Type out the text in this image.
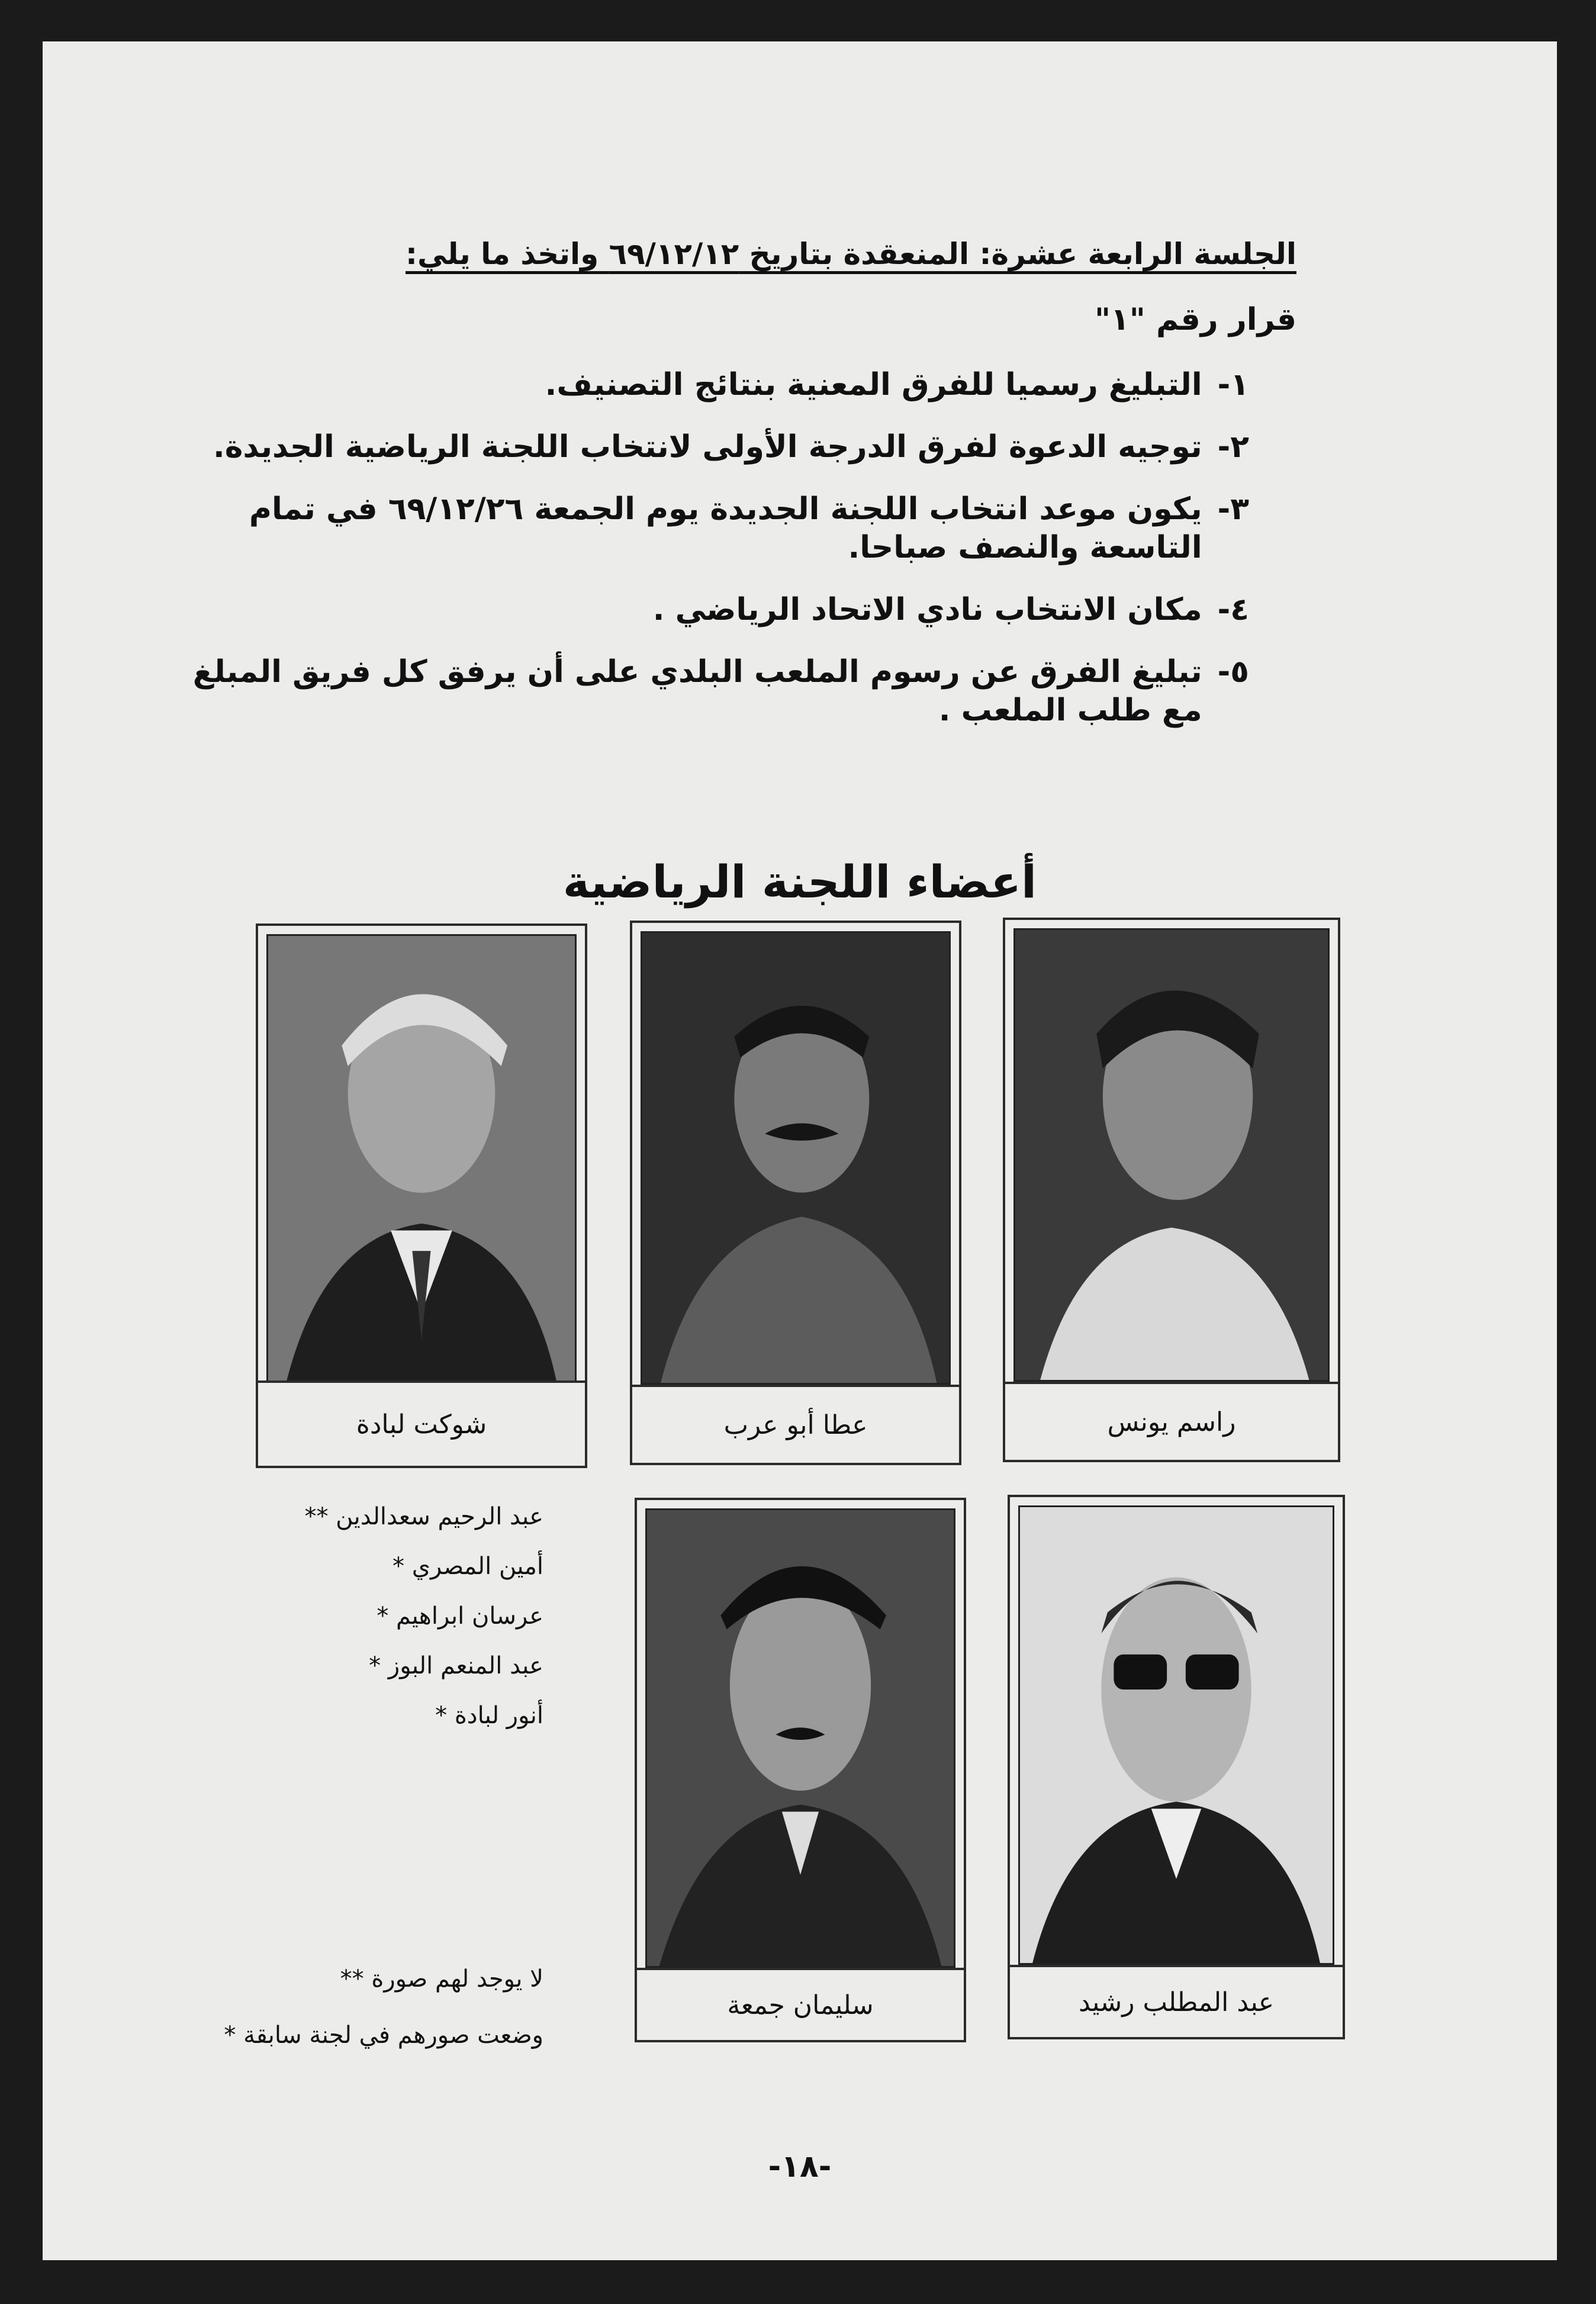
الجلسة الرابعة عشرة: المنعقدة بتاريخ ٦٩/١٢/١٢ واتخذ ما يلي:
قرار رقم "١"
١-
التبليغ رسميا للفرق المعنية بنتائج التصنيف.
٢-
توجيه الدعوة لفرق الدرجة الأولى لانتخاب اللجنة الرياضية الجديدة.
٣-
يكون موعد انتخاب اللجنة الجديدة يوم الجمعة ٦٩/١٢/٢٦ في تمام التاسعة والنصف صباحا.
٤-
مكان الانتخاب نادي الاتحاد الرياضي .
٥-
تبليغ الفرق عن رسوم الملعب البلدي على أن يرفق كل فريق المبلغ مع طلب الملعب .
أعضاء اللجنة الرياضية
راسم يونس
عطا أبو عرب
شوكت لبادة
عبد المطلب رشيد
سليمان جمعة
عبد الرحيم سعدالدين **
أمين المصري *
عرسان ابراهيم *
عبد المنعم البوز *
أنور لبادة *
لا يوجد لهم صورة **
وضعت صورهم في لجنة سابقة *
-١٨-
